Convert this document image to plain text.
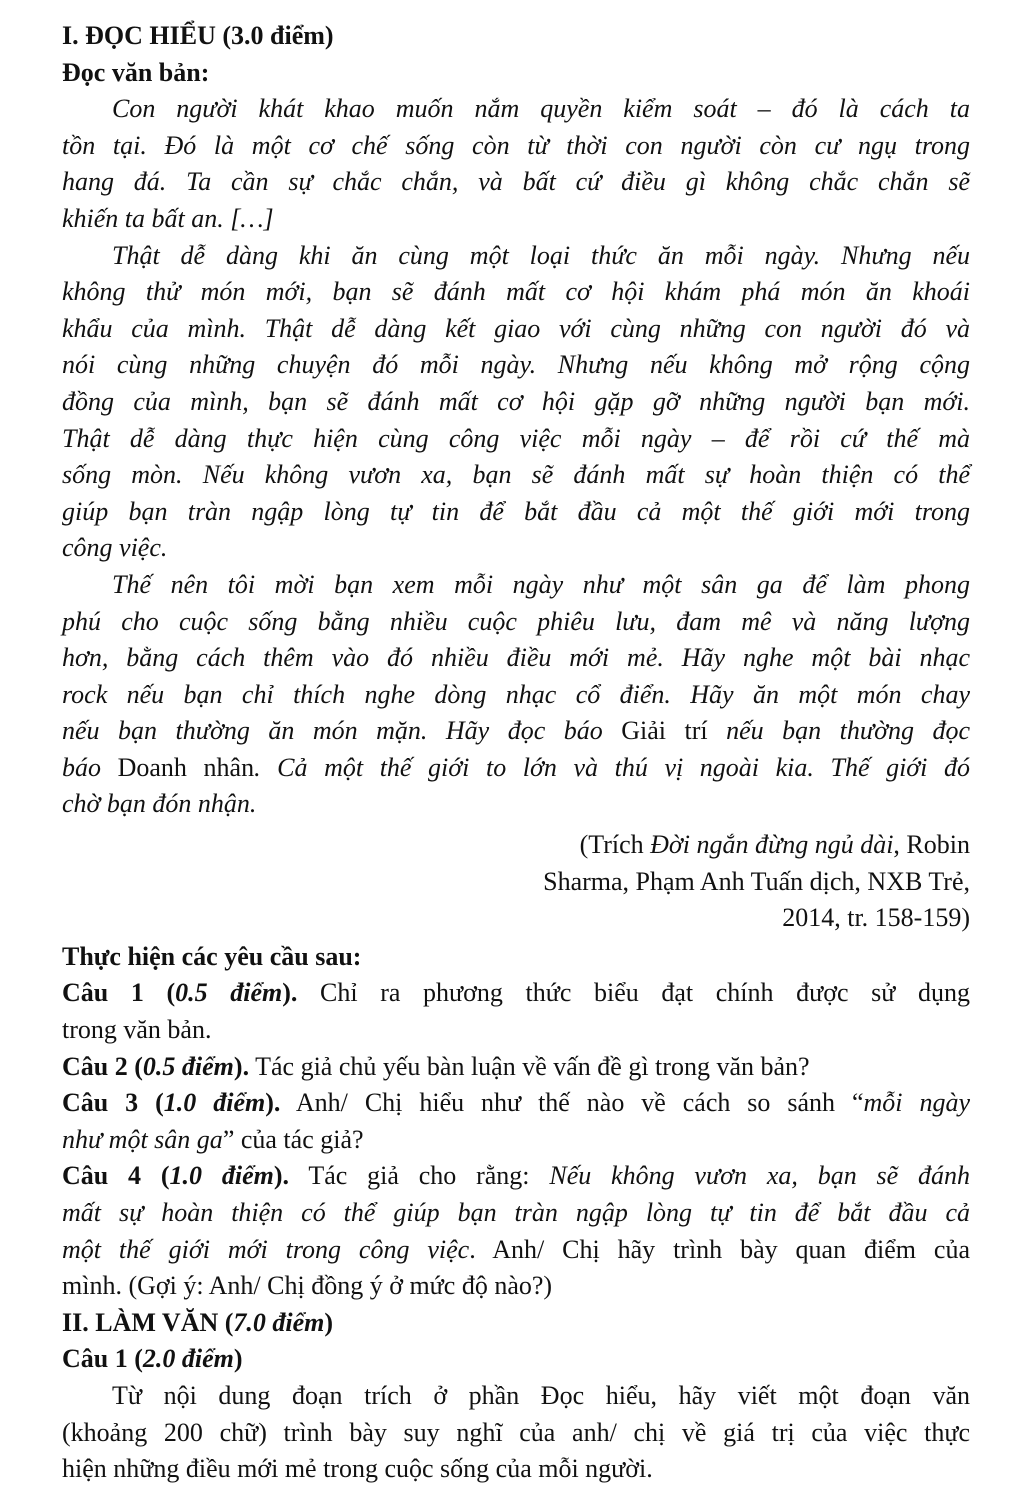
I. ĐỌC HIỂU (3.0 điểm)

Đọc văn bản:

Con người khát khao muốn nắm quyền kiểm soát – đó là cách ta

tồn tại. Đó là một cơ chế sống còn từ thời con người còn cư ngụ trong

hang đá. Ta cần sự chắc chắn, và bất cứ điều gì không chắc chắn sẽ

khiến ta bất an. […]

Thật dễ dàng khi ăn cùng một loại thức ăn mỗi ngày. Nhưng nếu

không thử món mới, bạn sẽ đánh mất cơ hội khám phá món ăn khoái

khẩu của mình. Thật dễ dàng kết giao với cùng những con người đó và

nói cùng những chuyện đó mỗi ngày. Nhưng nếu không mở rộng cộng

đồng của mình, bạn sẽ đánh mất cơ hội gặp gỡ những người bạn mới.

Thật dễ dàng thực hiện cùng công việc mỗi ngày – để rồi cứ thế mà

sống mòn. Nếu không vươn xa, bạn sẽ đánh mất sự hoàn thiện có thể

giúp bạn tràn ngập lòng tự tin để bắt đầu cả một thế giới mới trong

công việc.

Thế nên tôi mời bạn xem mỗi ngày như một sân ga để làm phong

phú cho cuộc sống bằng nhiều cuộc phiêu lưu, đam mê và năng lượng

hơn, bằng cách thêm vào đó nhiều điều mới mẻ. Hãy nghe một bài nhạc

rock nếu bạn chỉ thích nghe dòng nhạc cổ điển. Hãy ăn một món chay

nếu bạn thường ăn món mặn. Hãy đọc báo Giải trí nếu bạn thường đọc

báo Doanh nhân. Cả một thế giới to lớn và thú vị ngoài kia. Thế giới đó

chờ bạn đón nhận.

(Trích Đời ngắn đừng ngủ dài, Robin

Sharma, Phạm Anh Tuấn dịch, NXB Trẻ,

2014, tr. 158-159)

Thực hiện các yêu cầu sau:

Câu 1 (0.5 điểm). Chỉ ra phương thức biểu đạt chính được sử dụng

trong văn bản.

Câu 2 (0.5 điểm). Tác giả chủ yếu bàn luận về vấn đề gì trong văn bản?

Câu 3 (1.0 điểm). Anh/ Chị hiểu như thế nào về cách so sánh “mỗi ngày

như một sân ga” của tác giả?

Câu 4 (1.0 điểm). Tác giả cho rằng: Nếu không vươn xa, bạn sẽ đánh

mất sự hoàn thiện có thể giúp bạn tràn ngập lòng tự tin để bắt đầu cả

một thế giới mới trong công việc. Anh/ Chị hãy trình bày quan điểm của

mình. (Gợi ý: Anh/ Chị đồng ý ở mức độ nào?)

II. LÀM VĂN (7.0 điểm)

Câu 1 (2.0 điểm)

Từ nội dung đoạn trích ở phần Đọc hiểu, hãy viết một đoạn văn

(khoảng 200 chữ) trình bày suy nghĩ của anh/ chị về giá trị của việc thực

hiện những điều mới mẻ trong cuộc sống của mỗi người.
